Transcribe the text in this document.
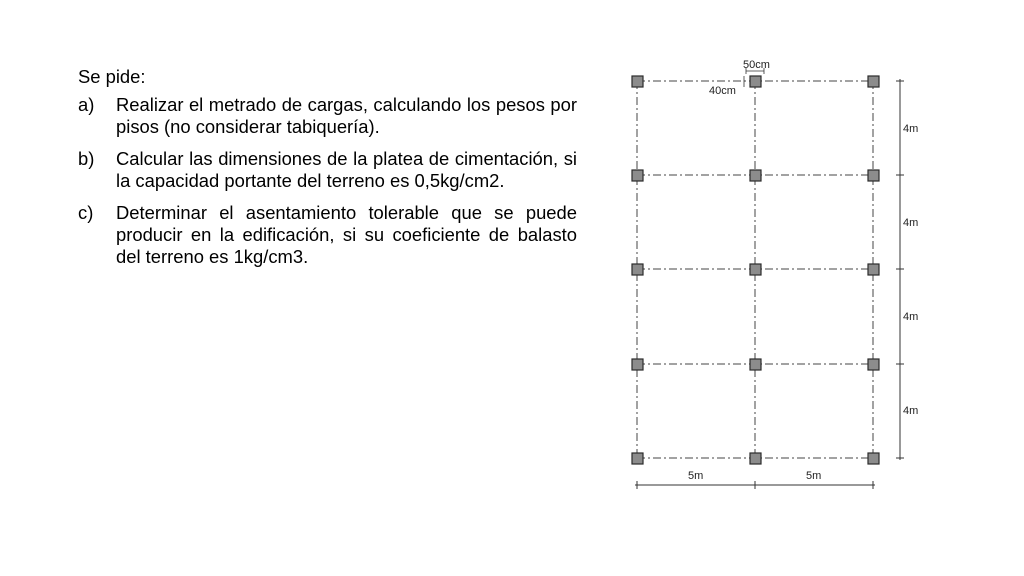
Se pide:
a)	Realizar el metrado de cargas, calculando los pesos por pisos (no considerar tabiquería).
b)	Calcular las dimensiones de la platea de cimentación, si la capacidad portante del terreno es 0,5kg/cm2.
c)	Determinar el asentamiento tolerable que se puede producir en la edificación, si su coeficiente de balasto del terreno es 1kg/cm3.
50cm
40cm
4m
4m
4m
4m
5m	5m
